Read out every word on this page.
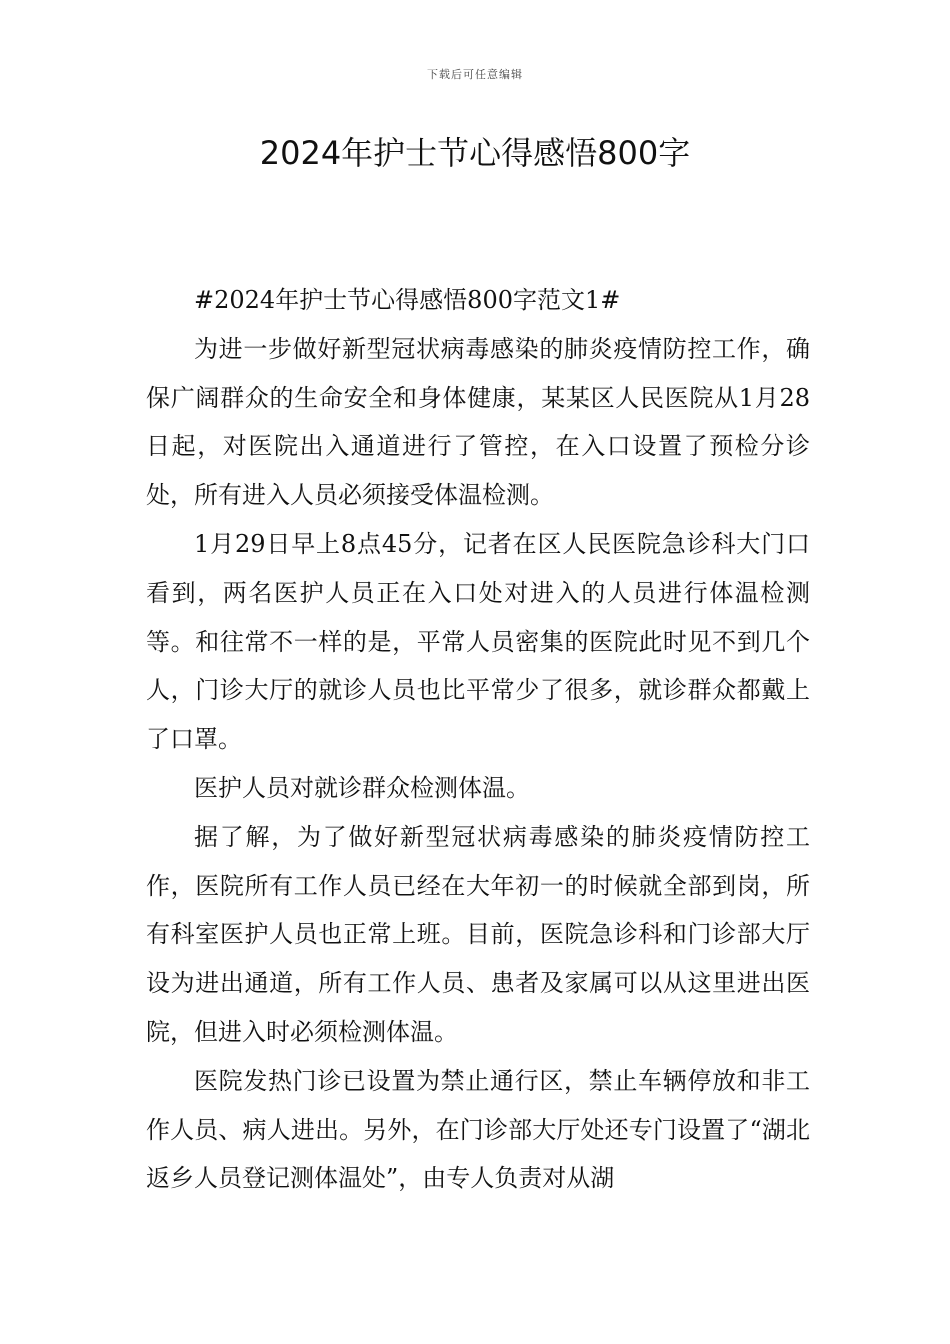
下载后可任意编辑
2024年护士节心得感悟800字

#2024年护士节心得感悟800字范文1#

为进一步做好新型冠状病毒感染的肺炎疫情防控工作，确保广阔群众的生命安全和身体健康，某某区人民医院从1月28日起，对医院出入通道进行了管控，在入口设置了预检分诊处，所有进入人员必须接受体温检测。

1月29日早上8点45分，记者在区人民医院急诊科大门口看到，两名医护人员正在入口处对进入的人员进行体温检测等。和往常不一样的是，平常人员密集的医院此时见不到几个人，门诊大厅的就诊人员也比平常少了很多，就诊群众都戴上了口罩。

医护人员对就诊群众检测体温。

据了解，为了做好新型冠状病毒感染的肺炎疫情防控工作，医院所有工作人员已经在大年初一的时候就全部到岗，所有科室医护人员也正常上班。目前，医院急诊科和门诊部大厅设为进出通道，所有工作人员、患者及家属可以从这里进出医院，但进入时必须检测体温。

医院发热门诊已设置为禁止通行区，禁止车辆停放和非工作人员、病人进出。另外，在门诊部大厅处还专门设置了“湖北返乡人员登记测体温处”，由专人负责对从湖
